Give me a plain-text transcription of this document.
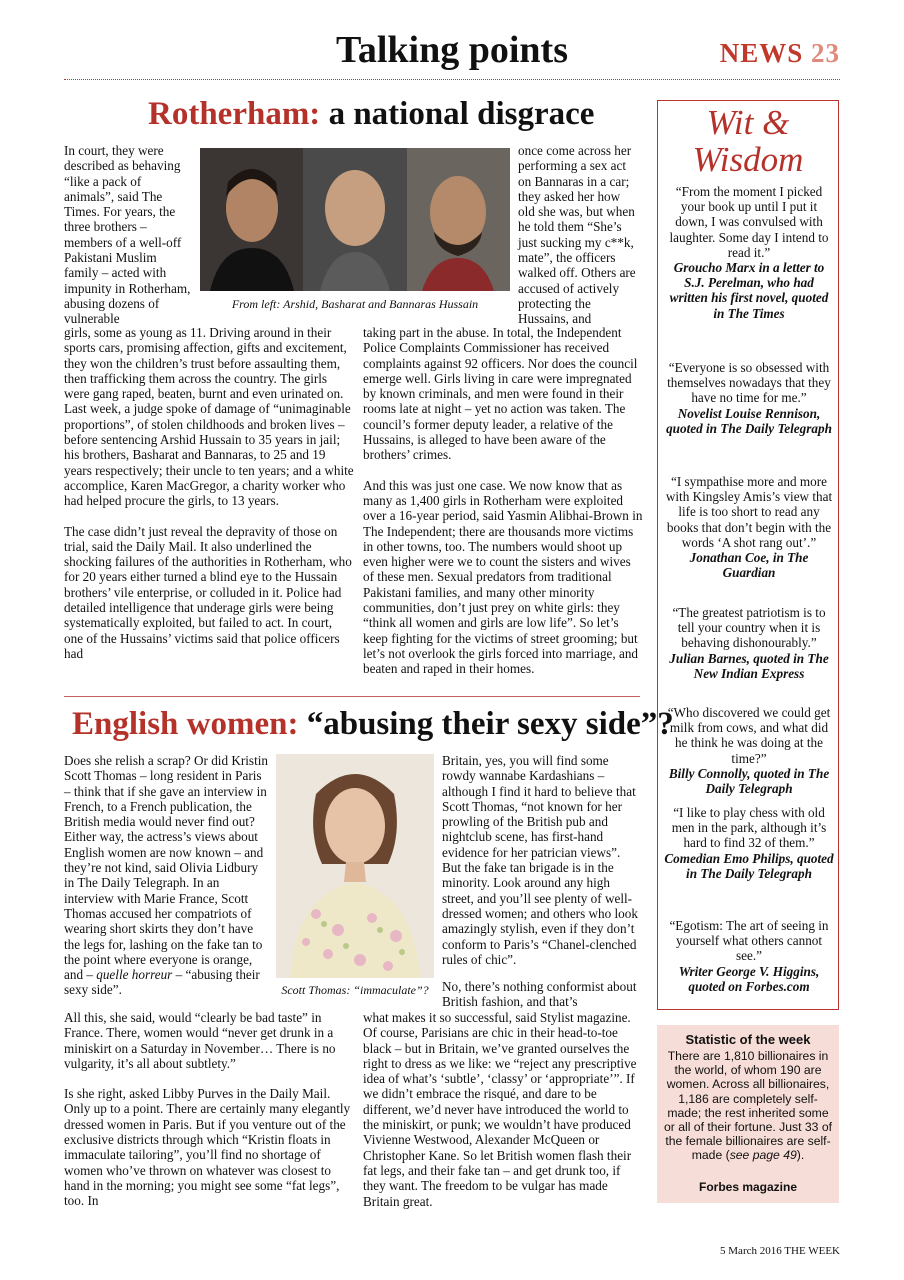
Talking points	NEWS 23
Rotherham: a national disgrace
From left: Arshid, Basharat and Bannaras Hussain
In court, they were described as behaving “like a pack of animals”, said The Times. For years, the three brothers – members of a well-off Pakistani Muslim family – acted with impunity in Rotherham, abusing dozens of vulnerable

girls, some as young as 11. Driving around in their sports cars, promising affection, gifts and excitement, they won the children’s trust before assaulting them, then trafficking them across the country. The girls were gang raped, beaten, burnt and even urinated on. Last week, a judge spoke of damage of “unimaginable proportions”, of stolen childhoods and broken lives – before sentencing Arshid Hussain to 35 years in jail; his brothers, Basharat and Bannaras, to 25 and 19 years respectively; their uncle to ten years; and a white accomplice, Karen MacGregor, a charity worker who had helped procure the girls, to 13 years.

The case didn’t just reveal the depravity of those on trial, said the Daily Mail. It also underlined the shocking failures of the authorities in Rotherham, who for 20 years either turned a blind eye to the Hussain brothers’ vile enterprise, or colluded in it. Police had detailed intelligence that underage girls were being systematically exploited, but failed to act. In court, one of the Hussains’ victims said that police officers had

once come across her performing a sex act on Bannaras in a car; they asked her how old she was, but when he told them “She’s just sucking my c**k, mate”, the officers walked off. Others are accused of actively protecting the Hussains, and

taking part in the abuse. In total, the Independent Police Complaints Commissioner has received complaints against 92 officers. Nor does the council emerge well. Girls living in care were impregnated by known criminals, and men were found in their rooms late at night – yet no action was taken. The council’s former deputy leader, a relative of the Hussains, is alleged to have been aware of the brothers’ crimes.

And this was just one case. We now know that as many as 1,400 girls in Rotherham were exploited over a 16-year period, said Yasmin Alibhai-Brown in The Independent; there are thousands more victims in other towns, too. The numbers would shoot up even higher were we to count the sisters and wives of these men. Sexual predators from traditional Pakistani families, and many other minority communities, don’t just prey on white girls: they “think all women and girls are low life”. So let’s keep fighting for the victims of street grooming; but let’s not overlook the girls forced into marriage, and beaten and raped in their homes.

English women: “abusing their sexy side”?
Scott Thomas: “immaculate”?
Does she relish a scrap? Or did Kristin Scott Thomas – long resident in Paris – think that if she gave an interview in French, to a French publication, the British media would never find out? Either way, the actress’s views about English women are now known – and they’re not kind, said Olivia Lidbury in The Daily Telegraph. In an interview with Marie France, Scott Thomas accused her compatriots of wearing short skirts they don’t have the legs for, lashing on the fake tan to the point where everyone is orange, and – quelle horreur – “abusing their sexy side”.

All this, she said, would “clearly be bad taste” in France. There, women would “never get drunk in a miniskirt on a Saturday in November… There is no vulgarity, it’s all about subtlety.”

Is she right, asked Libby Purves in the Daily Mail. Only up to a point. There are certainly many elegantly dressed women in Paris. But if you venture out of the exclusive districts through which “Kristin floats in immaculate tailoring”, you’ll find no shortage of women who’ve thrown on whatever was closest to hand in the morning; you might see some “fat legs”, too. In

Britain, yes, you will find some rowdy wannabe Kardashians – although I find it hard to believe that Scott Thomas, “not known for her prowling of the British pub and nightclub scene, has first-hand evidence for her patrician views”. But the fake tan brigade is in the minority. Look around any high street, and you’ll see plenty of well-dressed women; and others who look amazingly stylish, even if they don’t conform to Paris’s “Chanel-clenched rules of chic”.
No, there’s nothing conformist about British fashion, and that’s
what makes it so successful, said Stylist magazine. Of course, Parisians are chic in their head-to-toe black – but in Britain, we’ve granted ourselves the right to dress as we like: we “reject any prescriptive idea of what’s ‘subtle’, ‘classy’ or ‘appropriate’”. If we didn’t embrace the risqué, and dare to be different, we’d never have introduced the world to the miniskirt, or punk; we wouldn’t have produced Vivienne Westwood, Alexander McQueen or Christopher Kane. So let British women flash their fat legs, and their fake tan – and get drunk too, if they want. The freedom to be vulgar has made Britain great.
Wit & Wisdom
“From the moment I picked your book up until I put it down, I was convulsed with laughter. Some day I intend to read it.”
Groucho Marx in a letter to S.J. Perelman, who had written his first novel, quoted in The Times
“Everyone is so obsessed with themselves nowadays that they have no time for me.”
Novelist Louise Rennison, quoted in The Daily Telegraph
“I sympathise more and more with Kingsley Amis’s view that life is too short to read any books that don’t begin with the words ‘A shot rang out’.”
Jonathan Coe, in The Guardian
“The greatest patriotism is to tell your country when it is behaving dishonourably.”
Julian Barnes, quoted in The New Indian Express
“Who discovered we could get milk from cows, and what did he think he was doing at the time?”
Billy Connolly, quoted in The Daily Telegraph
“I like to play chess with old men in the park, although it’s hard to find 32 of them.”
Comedian Emo Philips, quoted in The Daily Telegraph
“Egotism: The art of seeing in yourself what others cannot see.”
Writer George V. Higgins, quoted on Forbes.com
Statistic of the week
There are 1,810 billionaires in the world, of whom 190 are women. Across all billionaires, 1,186 are completely self-made; the rest inherited some or all of their fortune. Just 33 of the female billionaires are self-made (see page 49).
Forbes magazine
5 March 2016 THE WEEK
